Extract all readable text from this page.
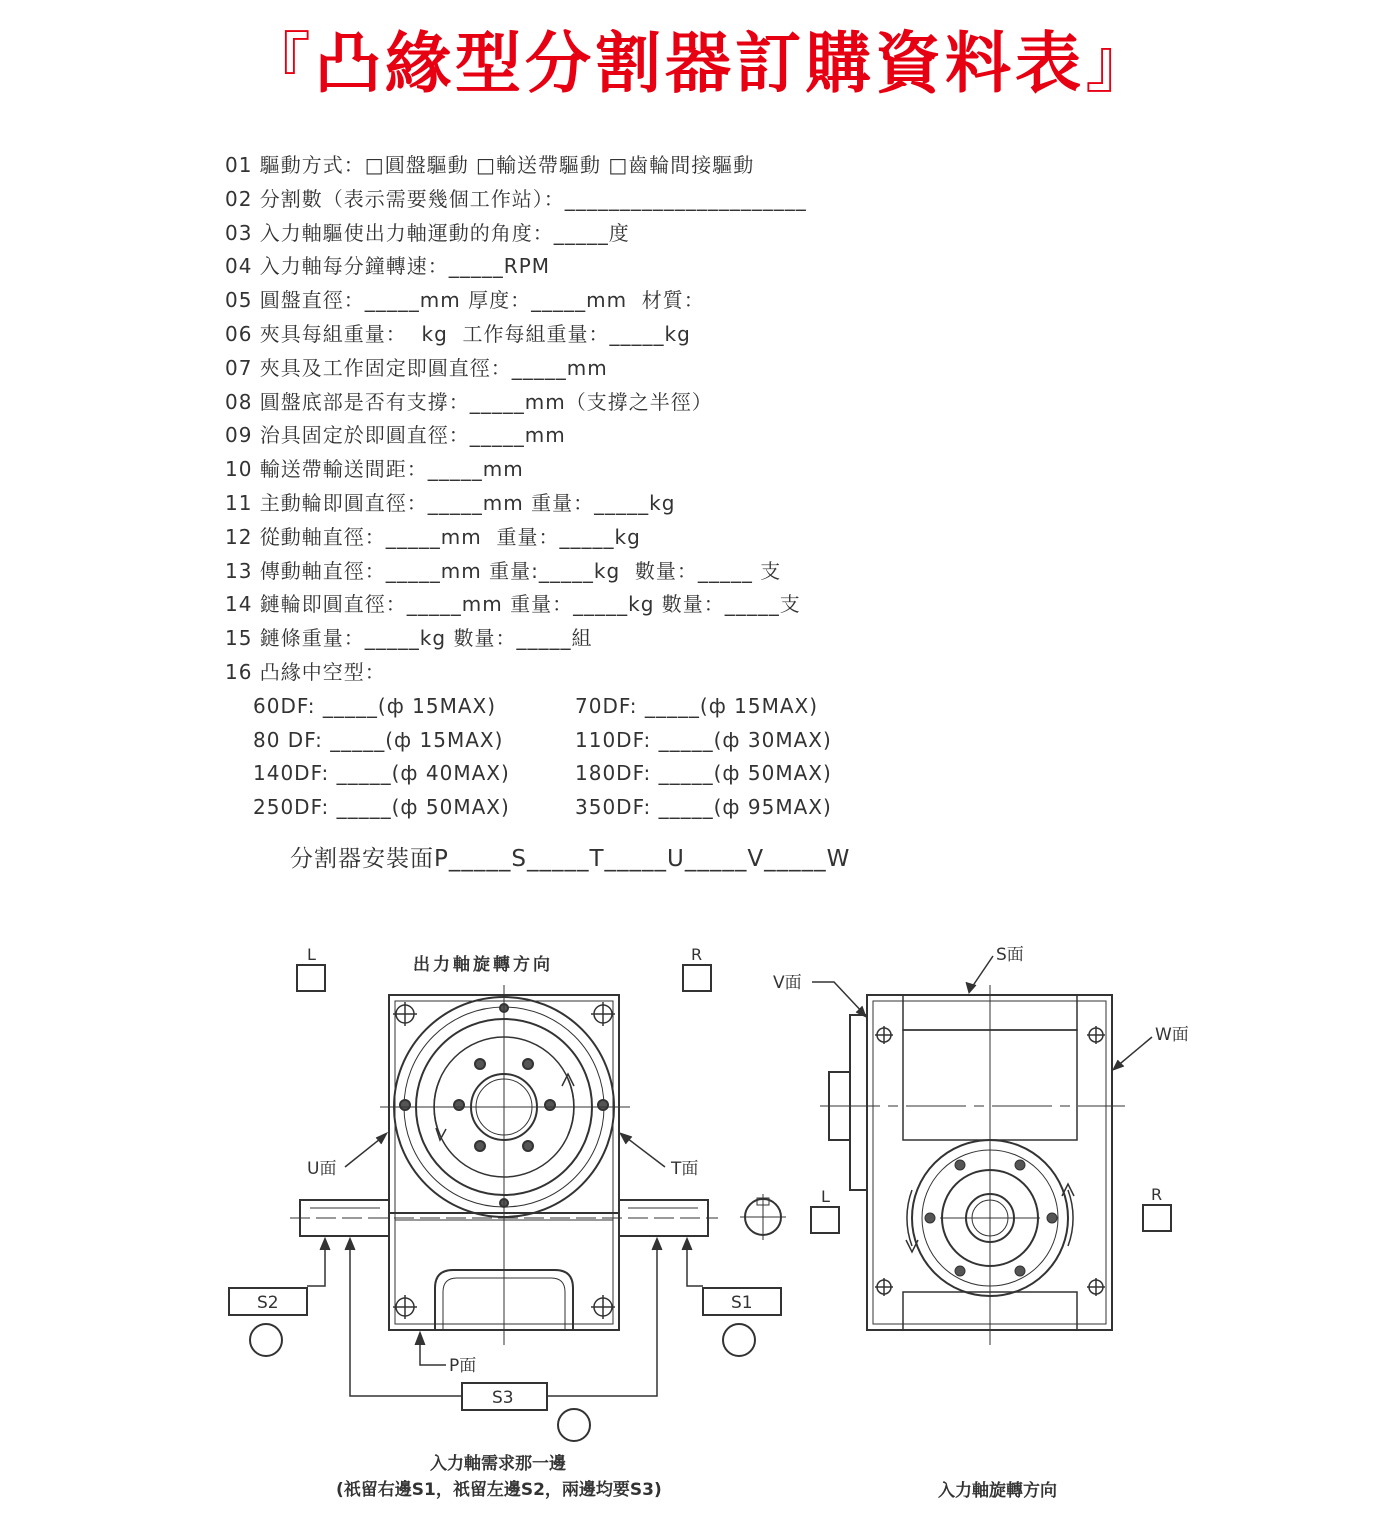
『凸緣型分割器訂購資料表』
01 驅動方式：□圓盤驅動 □輸送帶驅動 □齒輪間接驅動
02 分割數（表示需要幾個工作站）：______________________
03 入力軸驅使出力軸運動的角度：_____度
04 入力軸每分鐘轉速：_____RPM
05 圓盤直徑：_____mm 厚度：_____mm  材質：
06 夾具每組重量：  kg  工作每組重量：_____kg
07 夾具及工作固定即圓直徑：_____mm
08 圓盤底部是否有支撐：_____mm（支撐之半徑）
09 治具固定於即圓直徑：_____mm
10 輸送帶輸送間距：_____mm
11 主動輪即圓直徑：_____mm 重量：_____kg
12 從動軸直徑：_____mm  重量：_____kg
13 傳動軸直徑：_____mm 重量:_____kg  數量：_____ 支
14 鏈輪即圓直徑：_____mm 重量：_____kg 數量：_____支
15 鏈條重量：_____kg 數量：_____組
16 凸緣中空型：
60DF: _____(ф 15MAX)	70DF: _____(ф 15MAX)
80 DF: _____(ф 15MAX)	110DF: _____(ф 30MAX)
140DF: _____(ф 40MAX)	180DF: _____(ф 50MAX)
250DF: _____(ф 50MAX)	350DF: _____(ф 95MAX)
分割器安裝面P_____S_____T_____U_____V_____W
L	R
出力軸旋轉方向
U面	T面
S2	S1
S3
P面
入力軸需求那一邊
(祇留右邊S1，祇留左邊S2，兩邊均要S3)
S面
V面
W面
L	R
入力軸旋轉方向
